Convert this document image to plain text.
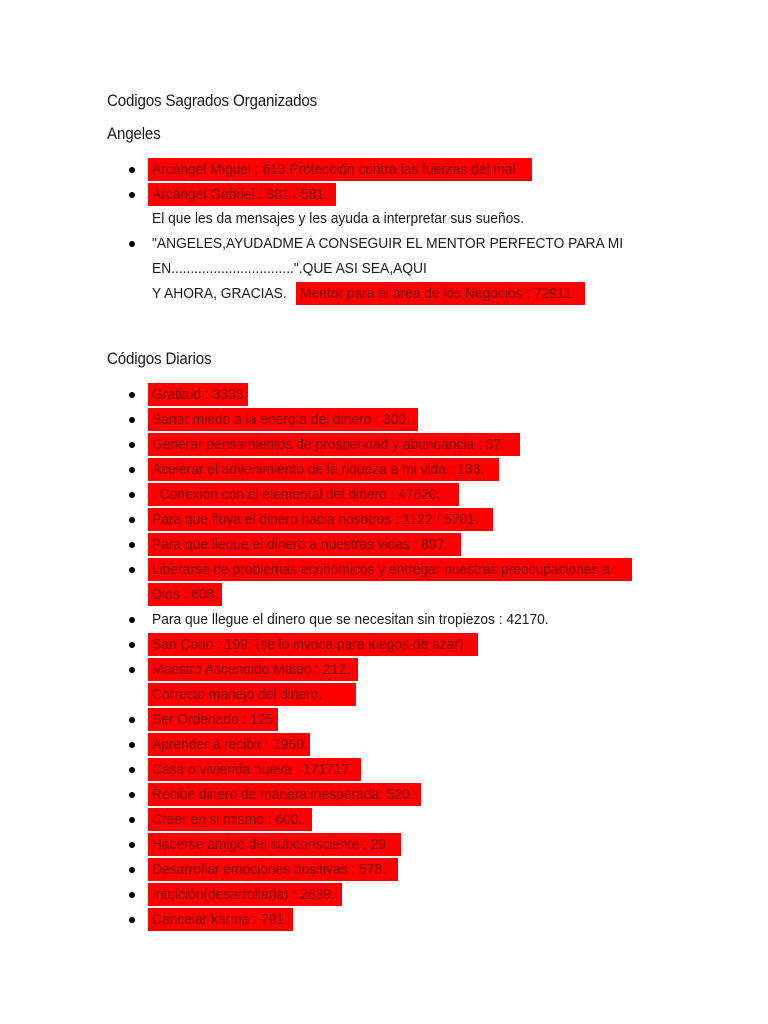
Codigos Sagrados Organizados
Angeles
Arcángel Miguel : 613.Protección contra las fuerzas del mal
Arcángel Gabriel : 881 / 581.
El que les da mensajes y les ayuda a interpretar sus sueños.
"ANGELES,AYUDADME A CONSEGUIR EL MENTOR PERFECTO PARA MI
EN................................".QUE ASI SEA,AQUI
Y AHORA, GRACIAS. Mentor para el área de los Negocios : 72911.
Códigos Diarios
Gratitud : 3333.
Sanar miedo a la energía del dinero : 300.
Generar pensamientos de prosperidad y abundancia : 87.
Acelerar el advenimiento de la riqueza a mi vida : 133.
. Conexión con el elemental del dinero : 47620.
Para que fluya el dinero hacia nosotros : 1122 / 5701.
Para que llegue el dinero a nuestras vidas : 897.
Liberarse de problemas económicos y entregar nuestras preocupaciones a
Dios : 608.
Para que llegue el dinero que se necesitan sin tropiezos : 42170.
San Cono : 199. (se lo invoca para juegos de azar)
Maestro Ascendido Mateo : 212.
Correcto manejo del dinero.
Ser Ordenado : 125.
Aprender a recibir : 1950.
Casa o vivienda nueva : 171717.
Recibe dinero de manera inesperada: 520.
Creer en si mismo : 600.
Hacerse amigo del subconsciente : 29.
Desarrollar emociones positivas : 578.
Intuición(desarrollarla) : 2639.
Cancelar karma : 791.
